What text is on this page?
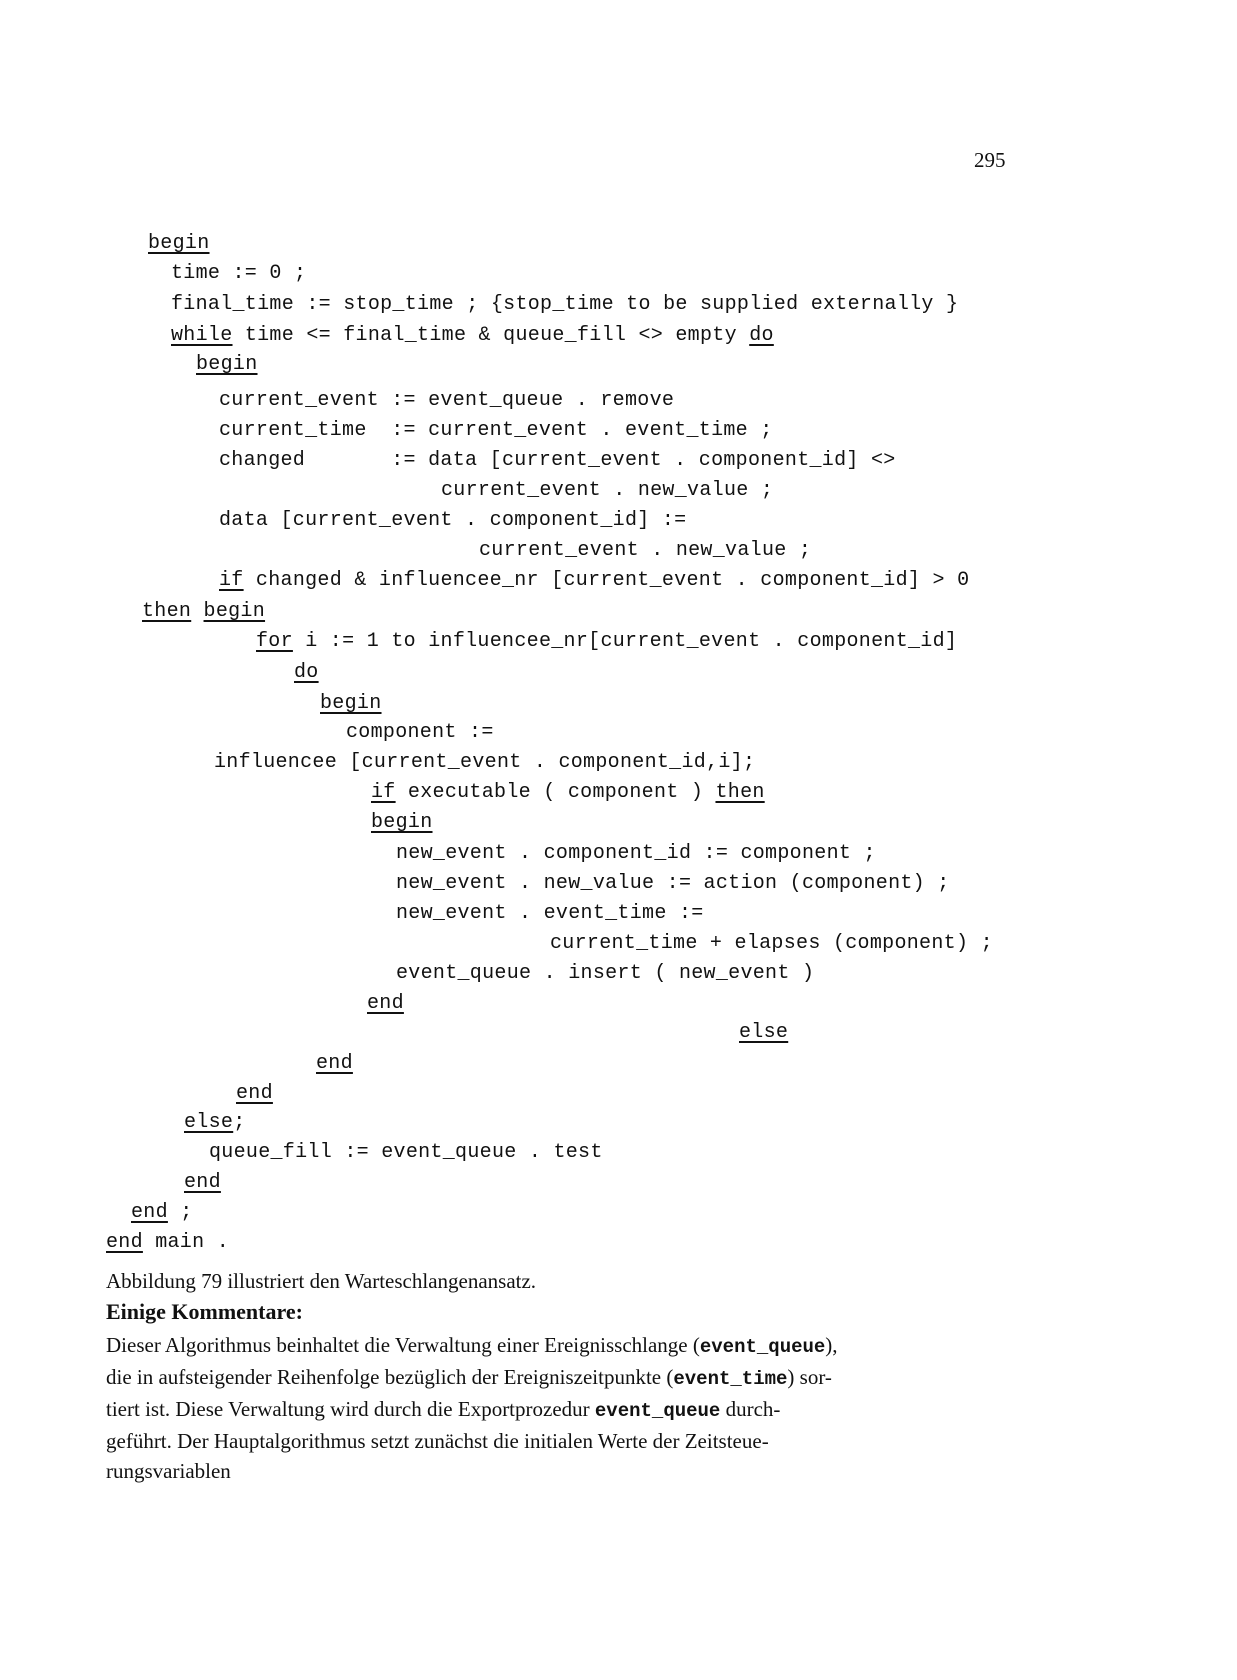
295
begin
time := 0 ;
final_time := stop_time ; {stop_time to be supplied externally }
while time <= final_time & queue_fill <> empty do
begin
current_event := event_queue . remove
current_time  := current_event . event_time ;
changed       := data [current_event . component_id] <>
current_event . new_value ;
data [current_event . component_id] :=
current_event . new_value ;
if changed & influencee_nr [current_event . component_id] > 0
then begin
for i := 1 to influencee_nr[current_event . component_id]
do
begin
component :=
influencee [current_event . component_id,i];
if executable ( component ) then
begin
new_event . component_id := component ;
new_event . new_value := action (component) ;
new_event . event_time :=
current_time + elapses (component) ;
event_queue . insert ( new_event )
end
else
end
end
else;
queue_fill := event_queue . test
end
end ;
end main .
Abbildung 79 illustriert den Warteschlangenansatz.
Einige Kommentare:
Dieser Algorithmus beinhaltet die Verwaltung einer Ereignisschlange (event_queue),
die in aufsteigender Reihenfolge bezüglich der Ereigniszeitpunkte (event_time) sor-
tiert ist. Diese Verwaltung wird durch die Exportprozedur event_queue durch-
geführt. Der Hauptalgorithmus setzt zunächst die initialen Werte der Zeitsteue-
rungsvariablen
